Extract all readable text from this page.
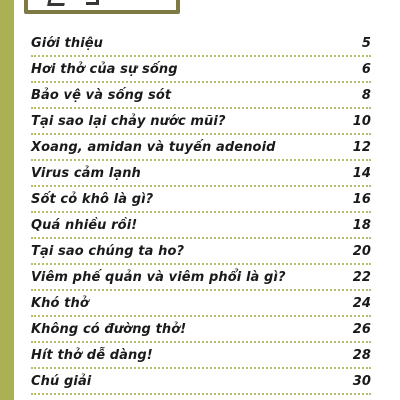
Giới thiệu	5
Hơi thở của sự sống	6
Bảo vệ và sống sót	8
Tại sao lại chảy nước mũi?	10
Xoang, amidan và tuyến adenoid	12
Virus cảm lạnh	14
Sốt cỏ khô là gì?	16
Quá nhiều rồi!	18
Tại sao chúng ta ho?	20
Viêm phế quản và viêm phổi là gì?	22
Khó thở	24
Không có đường thở!	26
Hít thở dễ dàng!	28
Chú giải	30
